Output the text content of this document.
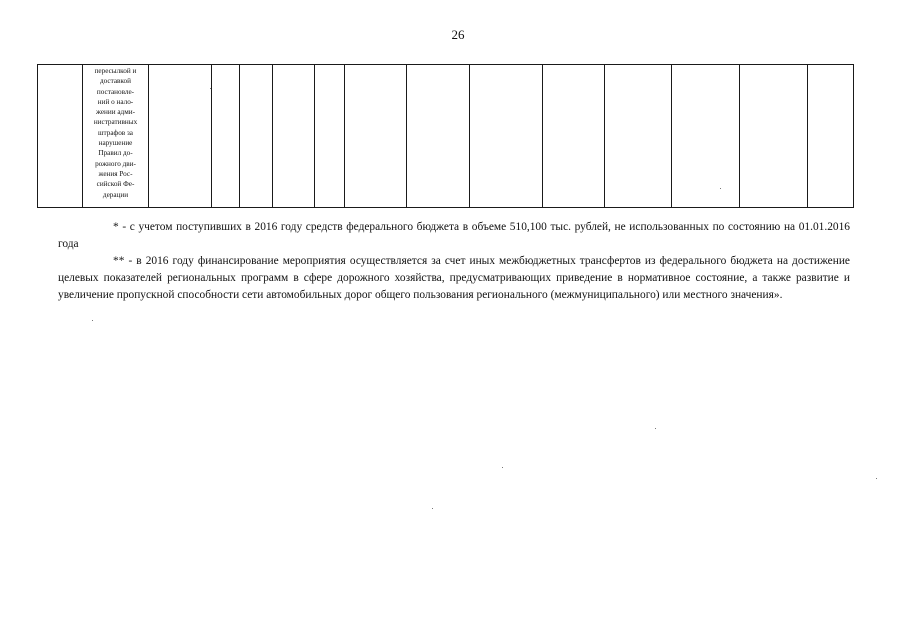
26

пересылкой и
доставкой
постановле-
ний о нало-
жении адми-
нистративных
штрафов за
нарушение
Правил до-
рожного дви-
жения Рос-
сийской Фе-
дерации

* - с учетом поступивших в 2016 году средств федерального бюджета в объеме 510,100 тыс. рублей, не использованных по состоянию на 01.01.2016 года

** - в 2016 году финансирование мероприятия осуществляется за счет иных межбюджетных трансфертов из федерального бюджета на достижение целевых показателей региональных программ в сфере дорожного хозяйства, предусматривающих приведение в нормативное состояние, а также развитие и увеличение пропускной способности сети автомобильных дорог общего пользования регионального (межмуниципального) или местного значения».
